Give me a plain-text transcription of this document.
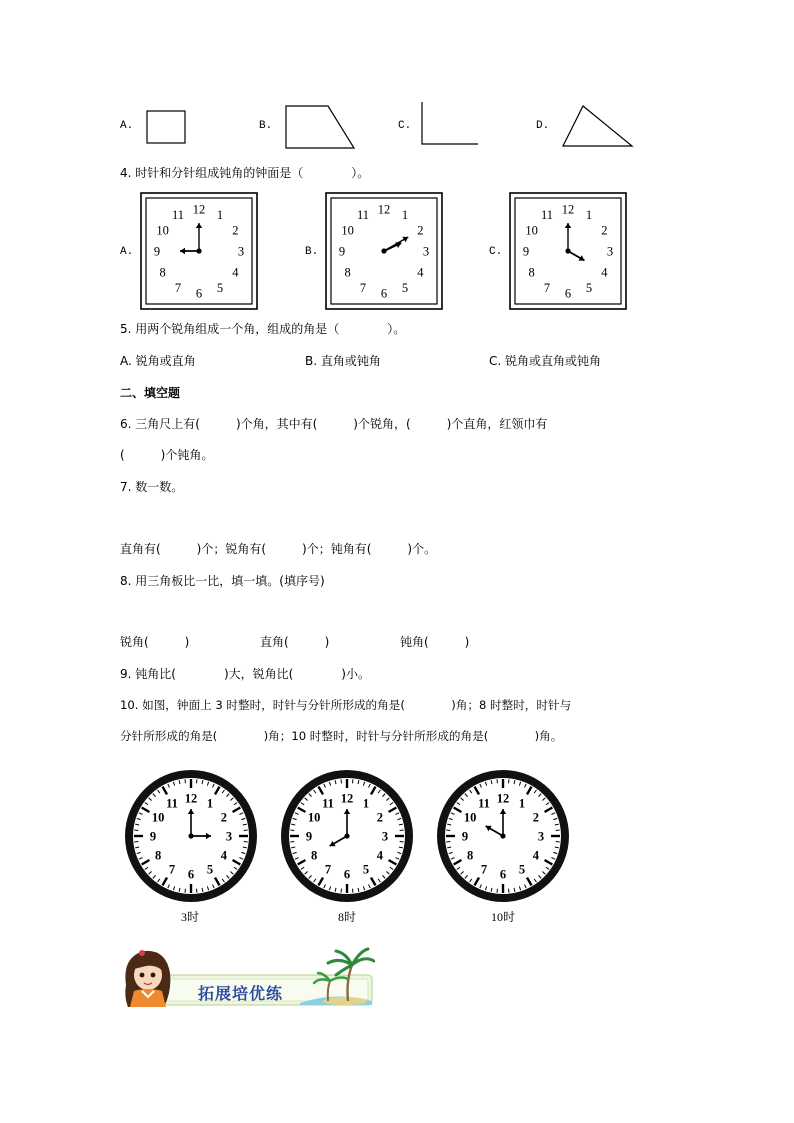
A.	B.	C.	D.
4. 时针和分针组成钝角的钟面是（　　　　）。
A.
12 1
2
3
4
5
6
7
8
9
10
11
B.
12 1
2
3
4
5
6
7
8
9
10
11
C.
12 1
2
3
4
5
6
7
8
9
10
11
5. 用两个锐角组成一个角，组成的角是（　　　　）。
A. 锐角或直角	B. 直角或钝角	C. 锐角或直角或钝角
二、填空题
6. 三角尺上有(　　　)个角，其中有(　　　)个锐角，(　　　)个直角，红领巾有
(　　　)个钝角。
7. 数一数。
直角有(　　　)个；锐角有(　　　)个；钝角有(　　　)个。
8. 用三角板比一比，填一填。(填序号)
锐角(　　　)	直角(　　　)	钝角(　　　)
9. 钝角比(　　　　)大，锐角比(　　　　)小。
10. 如图，钟面上 3 时整时，时针与分针所形成的角是(　　　　)角；8 时整时，时针与
分针所形成的角是(　　　　)角；10 时整时，时针与分针所形成的角是(　　　　)角。
12 1
2
3
4
5
6
7
8
9
10
11
3时
12 1
2
3
4
5
6
7
8
9
10
11
8时
12 1
2
3
4
5
6
7
8
9
10
11
10时
拓展培优练
